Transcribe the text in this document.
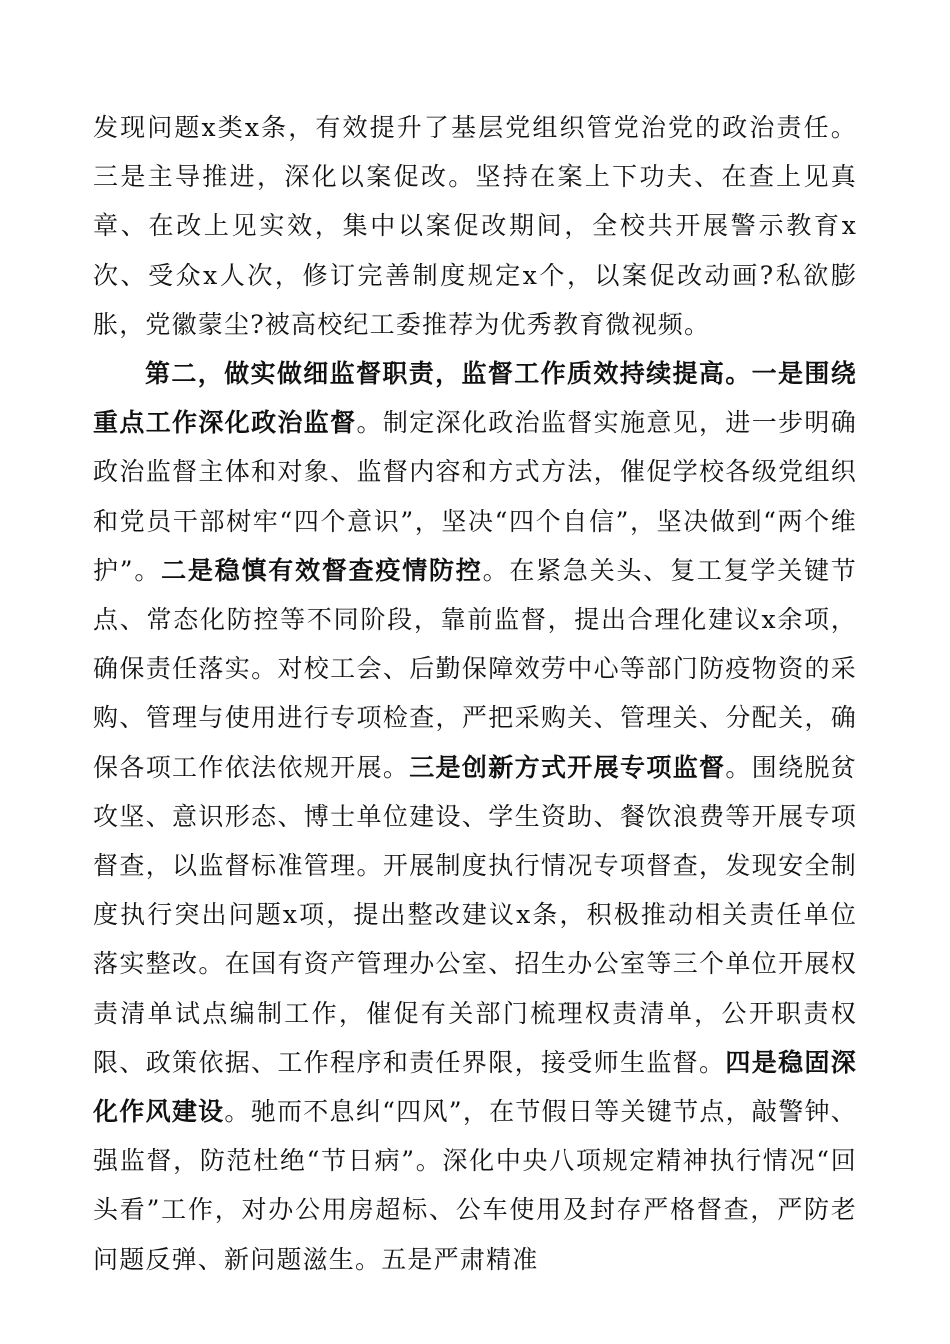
发现问题x类x条，有效提升了基层党组织管党治党的政治责任。三是主导推进，深化以案促改。坚持在案上下功夫、在查上见真章、在改上见实效，集中以案促改期间，全校共开展警示教育x次、受众x人次，修订完善制度规定x个，以案促改动画?私欲膨胀，党徽蒙尘?被高校纪工委推荐为优秀教育微视频。

第二，做实做细监督职责，监督工作质效持续提高。一是围绕重点工作深化政治监督。制定深化政治监督实施意见，进一步明确政治监督主体和对象、监督内容和方式方法，催促学校各级党组织和党员干部树牢“四个意识”，坚决“四个自信”，坚决做到“两个维护”。二是稳慎有效督查疫情防控。在紧急关头、复工复学关键节点、常态化防控等不同阶段，靠前监督，提出合理化建议x余项，确保责任落实。对校工会、后勤保障效劳中心等部门防疫物资的采购、管理与使用进行专项检查，严把采购关、管理关、分配关，确保各项工作依法依规开展。三是创新方式开展专项监督。围绕脱贫攻坚、意识形态、博士单位建设、学生资助、餐饮浪费等开展专项督查，以监督标准管理。开展制度执行情况专项督查，发现安全制度执行突出问题x项，提出整改建议x条，积极推动相关责任单位落实整改。在国有资产管理办公室、招生办公室等三个单位开展权责清单试点编制工作，催促有关部门梳理权责清单，公开职责权限、政策依据、工作程序和责任界限，接受师生监督。四是稳固深化作风建设。驰而不息纠“四风”，在节假日等关键节点，敲警钟、强监督，防范杜绝“节日病”。深化中央八项规定精神执行情况“回头看”工作，对办公用房超标、公车使用及封存严格督查，严防老问题反弹、新问题滋生。五是严肃精准
